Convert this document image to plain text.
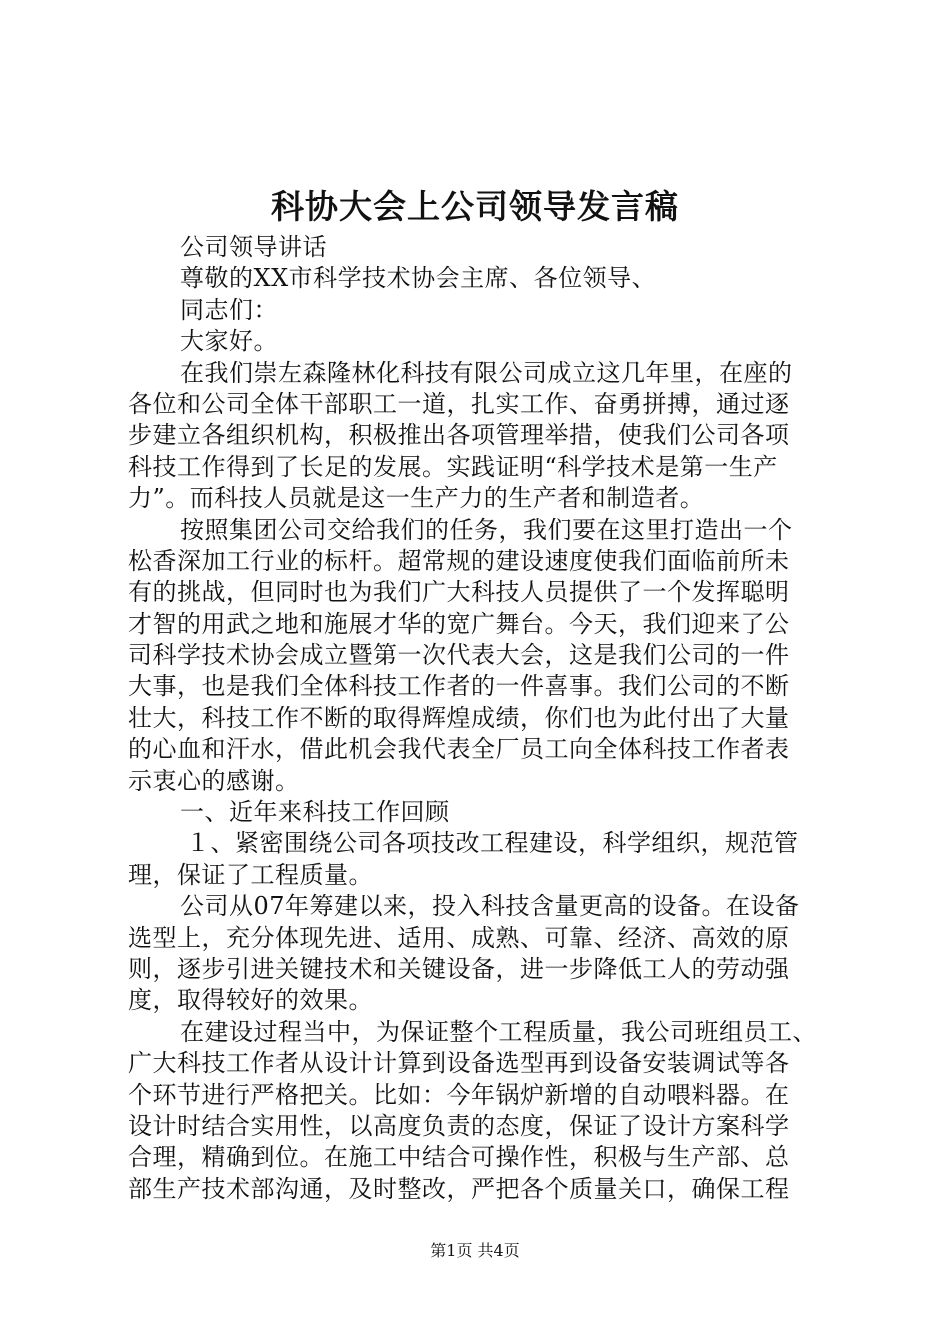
科协大会上公司领导发言稿
公司领导讲话
尊敬的XX市科学技术协会主席、各位领导、
同志们：
大家好。
在我们崇左森隆林化科技有限公司成立这几年里，在座的
各位和公司全体干部职工一道，扎实工作、奋勇拼搏，通过逐
步建立各组织机构，积极推出各项管理举措，使我们公司各项
科技工作得到了长足的发展。实践证明“科学技术是第一生产
力”。而科技人员就是这一生产力的生产者和制造者。
按照集团公司交给我们的任务，我们要在这里打造出一个
松香深加工行业的标杆。超常规的建设速度使我们面临前所未
有的挑战，但同时也为我们广大科技人员提供了一个发挥聪明
才智的用武之地和施展才华的宽广舞台。今天，我们迎来了公
司科学技术协会成立暨第一次代表大会，这是我们公司的一件
大事，也是我们全体科技工作者的一件喜事。我们公司的不断
壮大，科技工作不断的取得辉煌成绩，你们也为此付出了大量
的心血和汗水，借此机会我代表全厂员工向全体科技工作者表
示衷心的感谢。
一、近年来科技工作回顾
１、紧密围绕公司各项技改工程建设，科学组织，规范管
理，保证了工程质量。
公司从07年筹建以来，投入科技含量更高的设备。在设备
选型上，充分体现先进、适用、成熟、可靠、经济、高效的原
则，逐步引进关键技术和关键设备，进一步降低工人的劳动强
度，取得较好的效果。
在建设过程当中，为保证整个工程质量，我公司班组员工、
广大科技工作者从设计计算到设备选型再到设备安装调试等各
个环节进行严格把关。比如：今年锅炉新增的自动喂料器。在
设计时结合实用性，以高度负责的态度，保证了设计方案科学
合理，精确到位。在施工中结合可操作性，积极与生产部、总
部生产技术部沟通，及时整改，严把各个质量关口，确保工程
第1页 共4页
